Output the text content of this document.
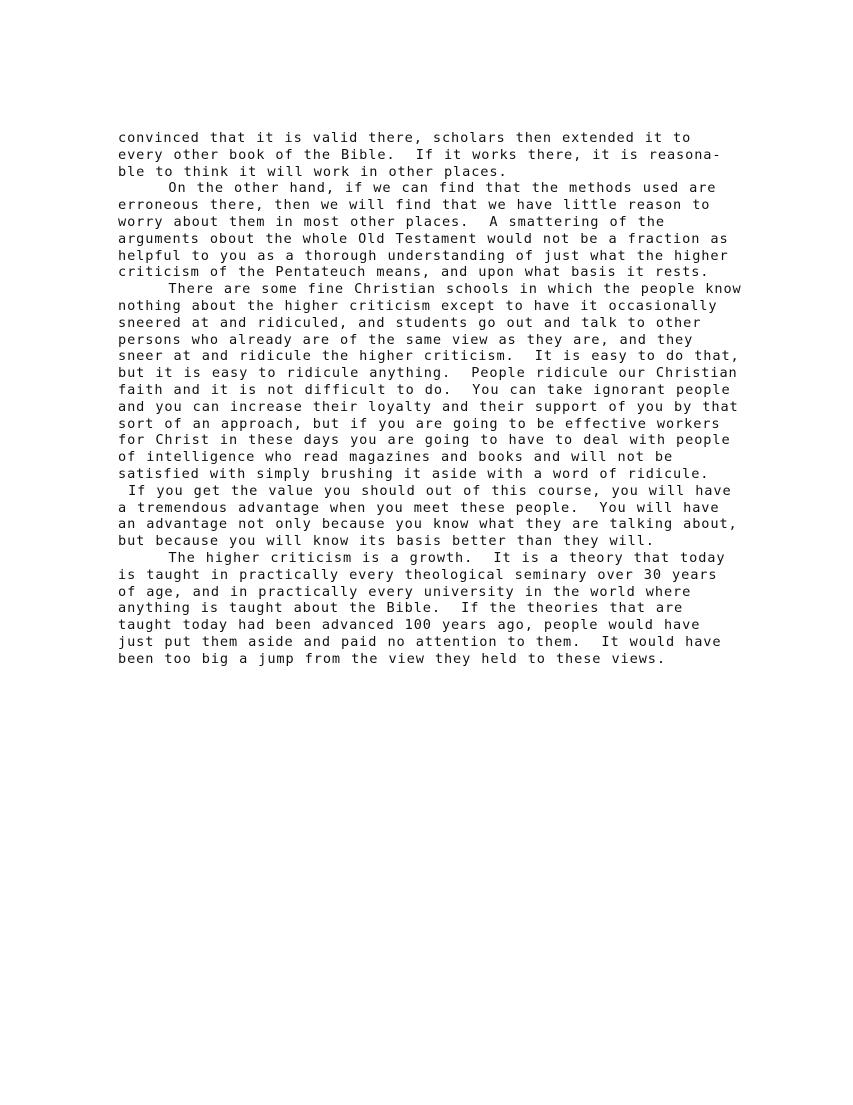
convinced that it is valid there, scholars then extended it to
every other book of the Bible.  If it works there, it is reasona-
ble to think it will work in other places.
On the other hand, if we can find that the methods used are
erroneous there, then we will find that we have little reason to
worry about them in most other places.  A smattering of the
arguments obout the whole Old Testament would not be a fraction as
helpful to you as a thorough understanding of just what the higher
criticism of the Pentateuch means, and upon what basis it rests.
There are some fine Christian schools in which the people know
nothing about the higher criticism except to have it occasionally
sneered at and ridiculed, and students go out and talk to other
persons who already are of the same view as they are, and they
sneer at and ridicule the higher criticism.  It is easy to do that,
but it is easy to ridicule anything.  People ridicule our Christian
faith and it is not difficult to do.  You can take ignorant people
and you can increase their loyalty and their support of you by that
sort of an approach, but if you are going to be effective workers
for Christ in these days you are going to have to deal with people
of intelligence who read magazines and books and will not be
satisfied with simply brushing it aside with a word of ridicule.
If you get the value you should out of this course, you will have
a tremendous advantage when you meet these people.  You will have
an advantage not only because you know what they are talking about,
but because you will know its basis better than they will.
The higher criticism is a growth.  It is a theory that today
is taught in practically every theological seminary over 30 years
of age, and in practically every university in the world where
anything is taught about the Bible.  If the theories that are
taught today had been advanced 100 years ago, people would have
just put them aside and paid no attention to them.  It would have
been too big a jump from the view they held to these views.
